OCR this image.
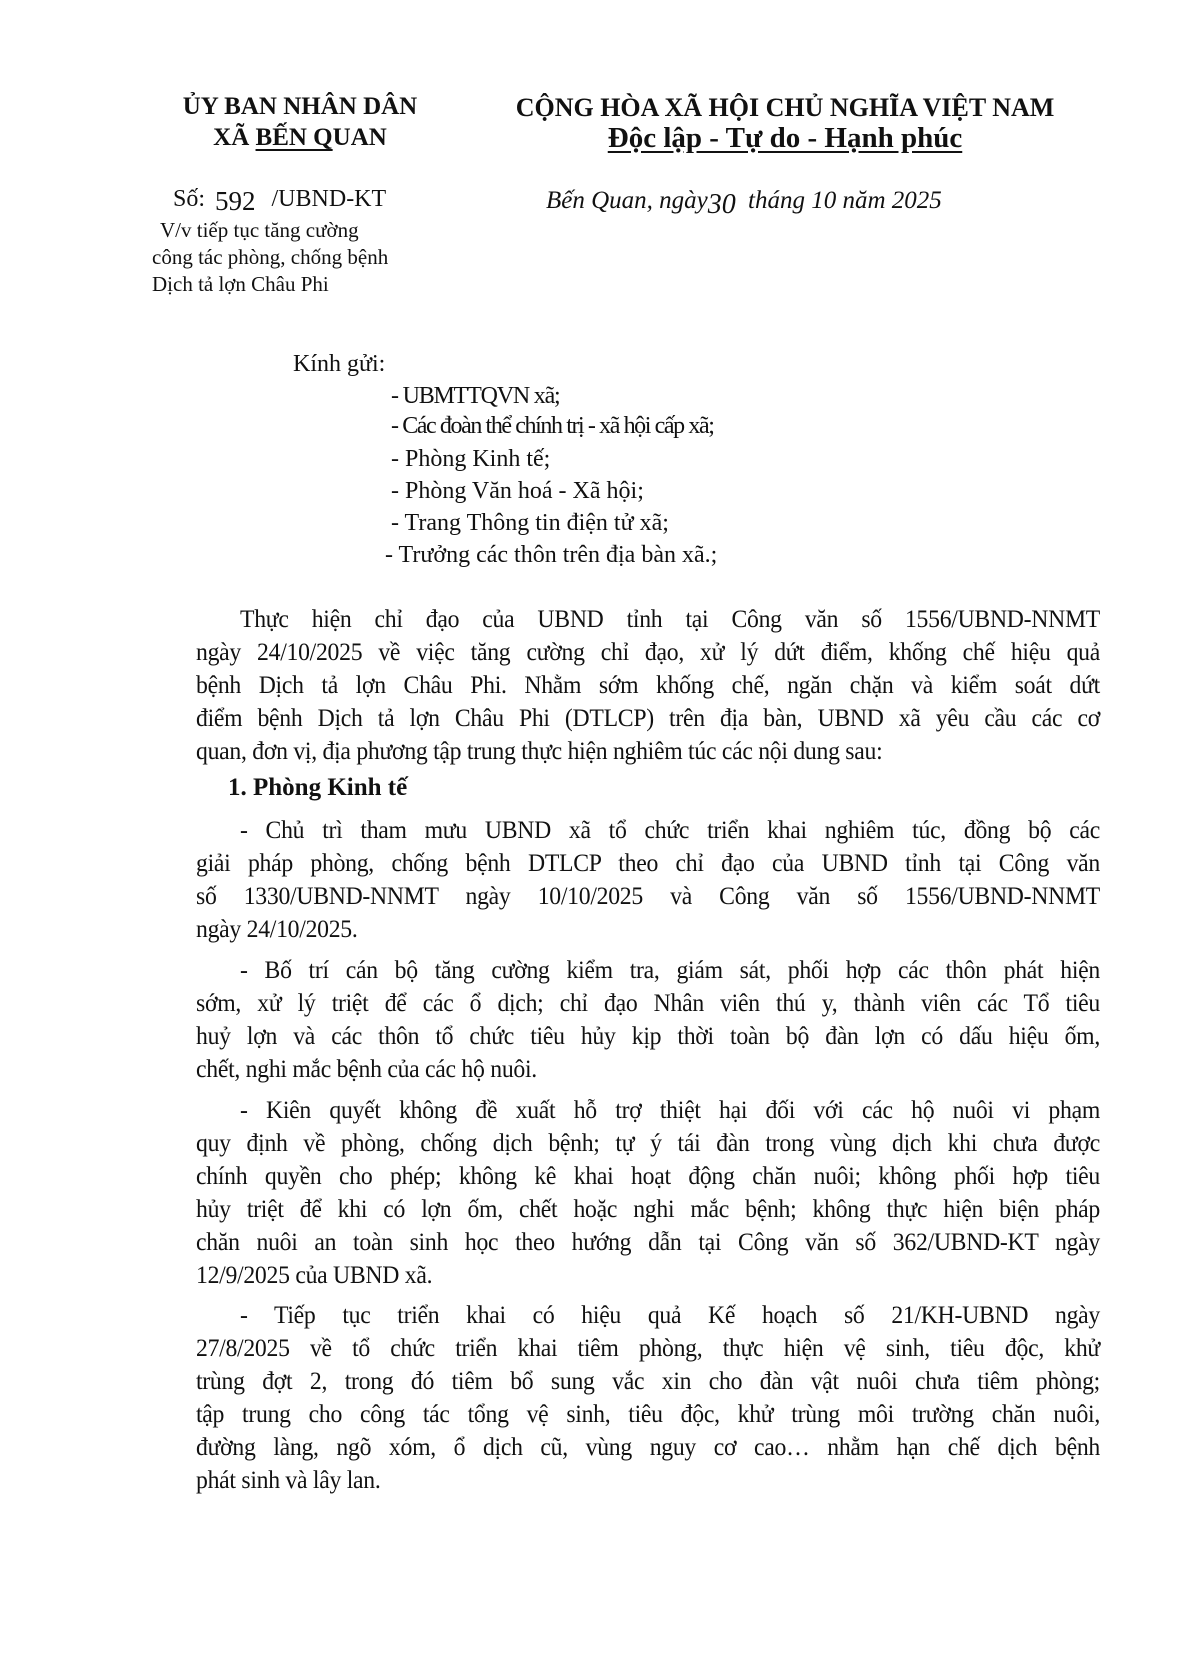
ỦY BAN NHÂN DÂN
XÃ BẾN QUAN
CỘNG HÒA XÃ HỘI CHỦ NGHĨA VIỆT NAM
Độc lập - Tự do - Hạnh phúc
Số: 592 /UBND-KT	Bến Quan, ngày30 tháng 10 năm 2025
V/v tiếp tục tăng cường
công tác phòng, chống bệnh
Dịch tả lợn Châu Phi
Kính gửi:
- UBMTTQVN xã;
- Các đoàn thể chính trị - xã hội cấp xã;
- Phòng Kinh tế;
- Phòng Văn hoá - Xã hội;
- Trang Thông tin điện tử xã;
- Trưởng các thôn trên địa bàn xã.;
Thực hiện chỉ đạo của UBND tỉnh tại Công văn số 1556/UBND-NNMT
ngày 24/10/2025 về việc tăng cường chỉ đạo, xử lý dứt điểm, khống chế hiệu quả
bệnh Dịch tả lợn Châu Phi. Nhằm sớm khống chế, ngăn chặn và kiểm soát dứt
điểm bệnh Dịch tả lợn Châu Phi (DTLCP) trên địa bàn, UBND xã yêu cầu các cơ
quan, đơn vị, địa phương tập trung thực hiện nghiêm túc các nội dung sau:
1. Phòng Kinh tế
- Chủ trì tham mưu UBND xã tổ chức triển khai nghiêm túc, đồng bộ các
giải pháp phòng, chống bệnh DTLCP theo chỉ đạo của UBND tỉnh tại Công văn
số 1330/UBND-NNMT ngày 10/10/2025 và Công văn số 1556/UBND-NNMT
ngày 24/10/2025.
- Bố trí cán bộ tăng cường kiểm tra, giám sát, phối hợp các thôn phát hiện
sớm, xử lý triệt để các ổ dịch; chỉ đạo Nhân viên thú y, thành viên các Tổ tiêu
huỷ lợn và các thôn tổ chức tiêu hủy kịp thời toàn bộ đàn lợn có dấu hiệu ốm,
chết, nghi mắc bệnh của các hộ nuôi.
- Kiên quyết không đề xuất hỗ trợ thiệt hại đối với các hộ nuôi vi phạm
quy định về phòng, chống dịch bệnh; tự ý tái đàn trong vùng dịch khi chưa được
chính quyền cho phép; không kê khai hoạt động chăn nuôi; không phối hợp tiêu
hủy triệt để khi có lợn ốm, chết hoặc nghi mắc bệnh; không thực hiện biện pháp
chăn nuôi an toàn sinh học theo hướng dẫn tại Công văn số 362/UBND-KT ngày
12/9/2025 của UBND xã.
- Tiếp tục triển khai có hiệu quả Kế hoạch số 21/KH-UBND ngày
27/8/2025 về tổ chức triển khai tiêm phòng, thực hiện vệ sinh, tiêu độc, khử
trùng đợt 2, trong đó tiêm bổ sung vắc xin cho đàn vật nuôi chưa tiêm phòng;
tập trung cho công tác tổng vệ sinh, tiêu độc, khử trùng môi trường chăn nuôi,
đường làng, ngõ xóm, ổ dịch cũ, vùng nguy cơ cao… nhằm hạn chế dịch bệnh
phát sinh và lây lan.
